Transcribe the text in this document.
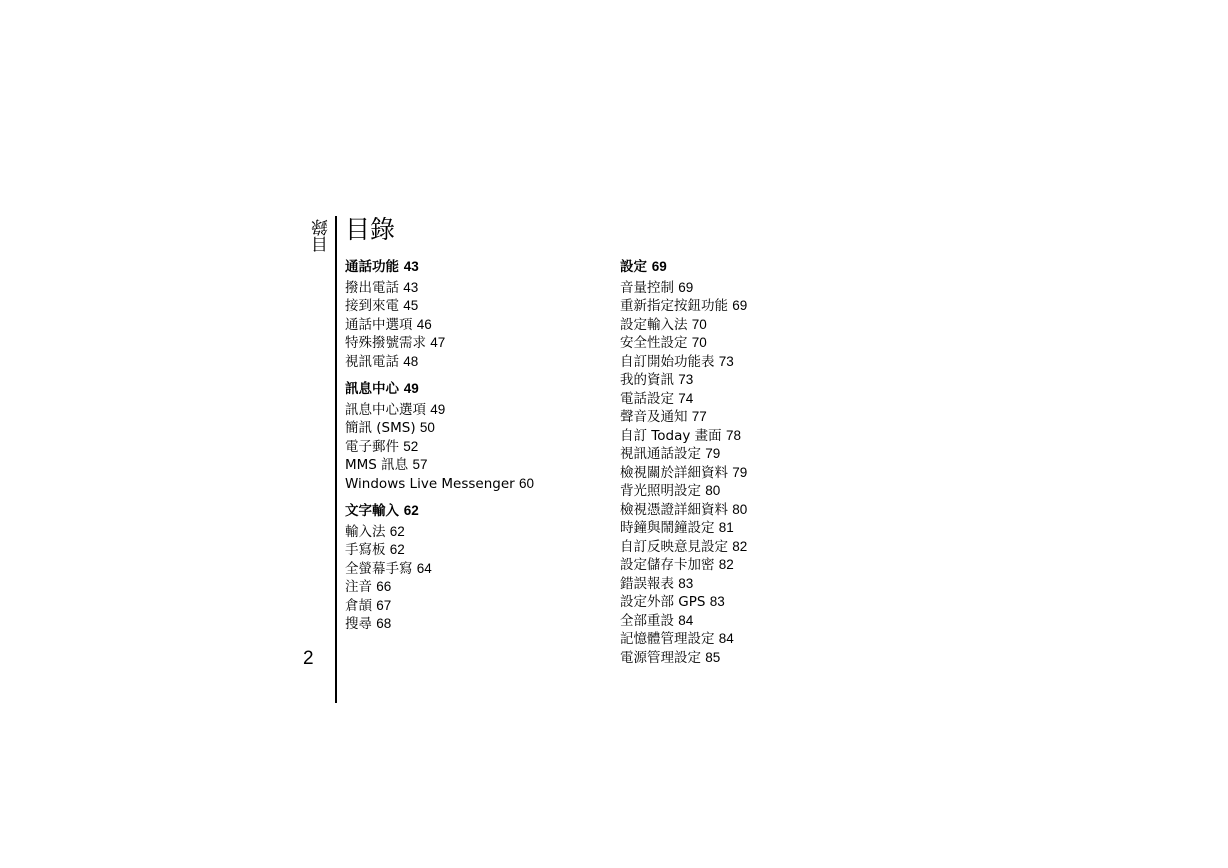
目錄
2
目錄
通話功能 43
撥出電話 43
接到來電 45
通話中選項 46
特殊撥號需求 47
視訊電話 48
訊息中心 49
訊息中心選項 49
簡訊 (SMS) 50
電子郵件 52
MMS 訊息 57
Windows Live Messenger 60
文字輸入 62
輸入法 62
手寫板 62
全螢幕手寫 64
注音 66
倉頡 67
搜尋 68
設定 69
音量控制 69
重新指定按鈕功能 69
設定輸入法 70
安全性設定 70
自訂開始功能表 73
我的資訊 73
電話設定 74
聲音及通知 77
自訂 Today 畫面 78
視訊通話設定 79
檢視關於詳細資料 79
背光照明設定 80
檢視憑證詳細資料 80
時鐘與鬧鐘設定 81
自訂反映意見設定 82
設定儲存卡加密 82
錯誤報表 83
設定外部 GPS 83
全部重設 84
記憶體管理設定 84
電源管理設定 85
